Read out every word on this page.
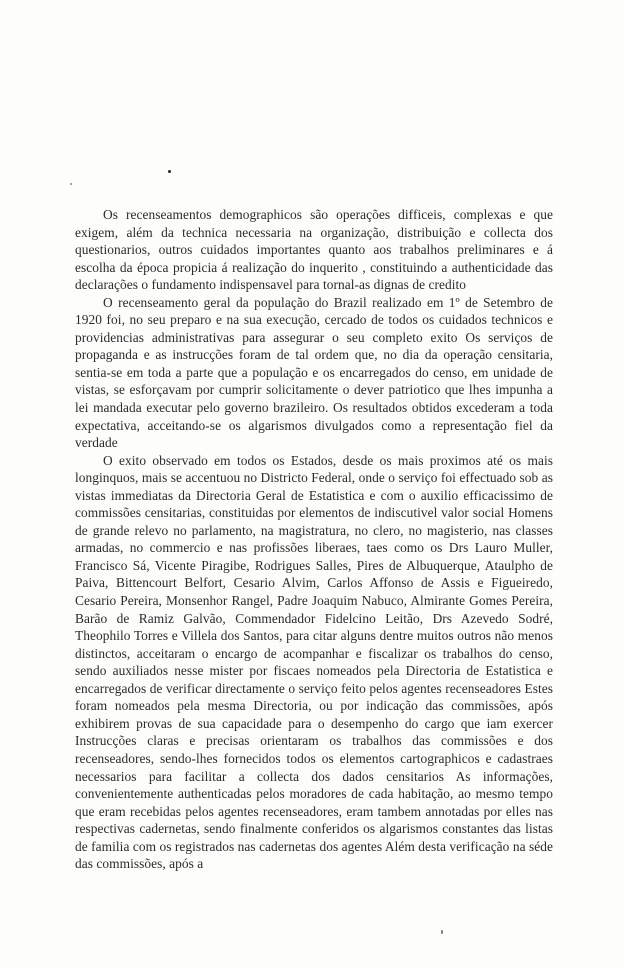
Os recenseamentos demographicos são operações difficeis, complexas e que exigem, além da technica necessaria na organização, distribuição e collecta dos questionarios, outros cuidados importantes quanto aos trabalhos preliminares e á escolha da época propicia á realização do inquerito , constituindo a authenticidade das declarações o fundamento indispensavel para tornal-as dignas de credito

O recenseamento geral da população do Brazil realizado em 1º de Setembro de 1920 foi, no seu preparo e na sua execução, cercado de todos os cuidados technicos e providencias administrativas para assegurar o seu completo exito Os serviços de propaganda e as instrucções foram de tal ordem que, no dia da operação censitaria, sentia-se em toda a parte que a população e os encarregados do censo, em unidade de vistas, se esforçavam por cumprir solicitamente o dever patriotico que lhes impunha a lei mandada executar pelo governo brazileiro. Os resultados obtidos excederam a toda expectativa, acceitando-se os algarismos divulgados como a representação fiel da verdade

O exito observado em todos os Estados, desde os mais proximos até os mais longinquos, mais se accentuou no Districto Federal, onde o serviço foi effectuado sob as vistas immediatas da Directoria Geral de Estatistica e com o auxilio efficacissimo de commissões censitarias, constituidas por elementos de indiscutivel valor social Homens de grande relevo no parlamento, na magistratura, no clero, no magisterio, nas classes armadas, no commercio e nas profissões liberaes, taes como os Drs Lauro Muller, Francisco Sá, Vicente Piragibe, Rodrigues Salles, Pires de Albuquerque, Ataulpho de Paiva, Bittencourt Belfort, Cesario Alvim, Carlos Affonso de Assis e Figueiredo, Cesario Pereira, Monsenhor Rangel, Padre Joaquim Nabuco, Almirante Gomes Pereira, Barão de Ramiz Galvão, Commendador Fidelcino Leitão, Drs Azevedo Sodré, Theophilo Torres e Villela dos Santos, para citar alguns dentre muitos outros não menos distinctos, acceitaram o encargo de acompanhar e fiscalizar os trabalhos do censo, sendo auxiliados nesse mister por fiscaes nomeados pela Directoria de Estatistica e encarregados de verificar directamente o serviço feito pelos agentes recenseadores Estes foram nomeados pela mesma Directoria, ou por indicação das commissões, após exhibirem provas de sua capacidade para o desempenho do cargo que iam exercer Instrucções claras e precisas orientaram os trabalhos das commissões e dos recenseadores, sendo-lhes fornecidos todos os elementos cartographicos e cadastraes necessarios para facilitar a collecta dos dados censitarios As informações, convenientemente authenticadas pelos moradores de cada habitação, ao mesmo tempo que eram recebidas pelos agentes recenseadores, eram tambem annotadas por elles nas respectivas cadernetas, sendo finalmente conferidos os algarismos constantes das listas de familia com os registrados nas cadernetas dos agentes Além desta verificação na séde das commissões, após a
